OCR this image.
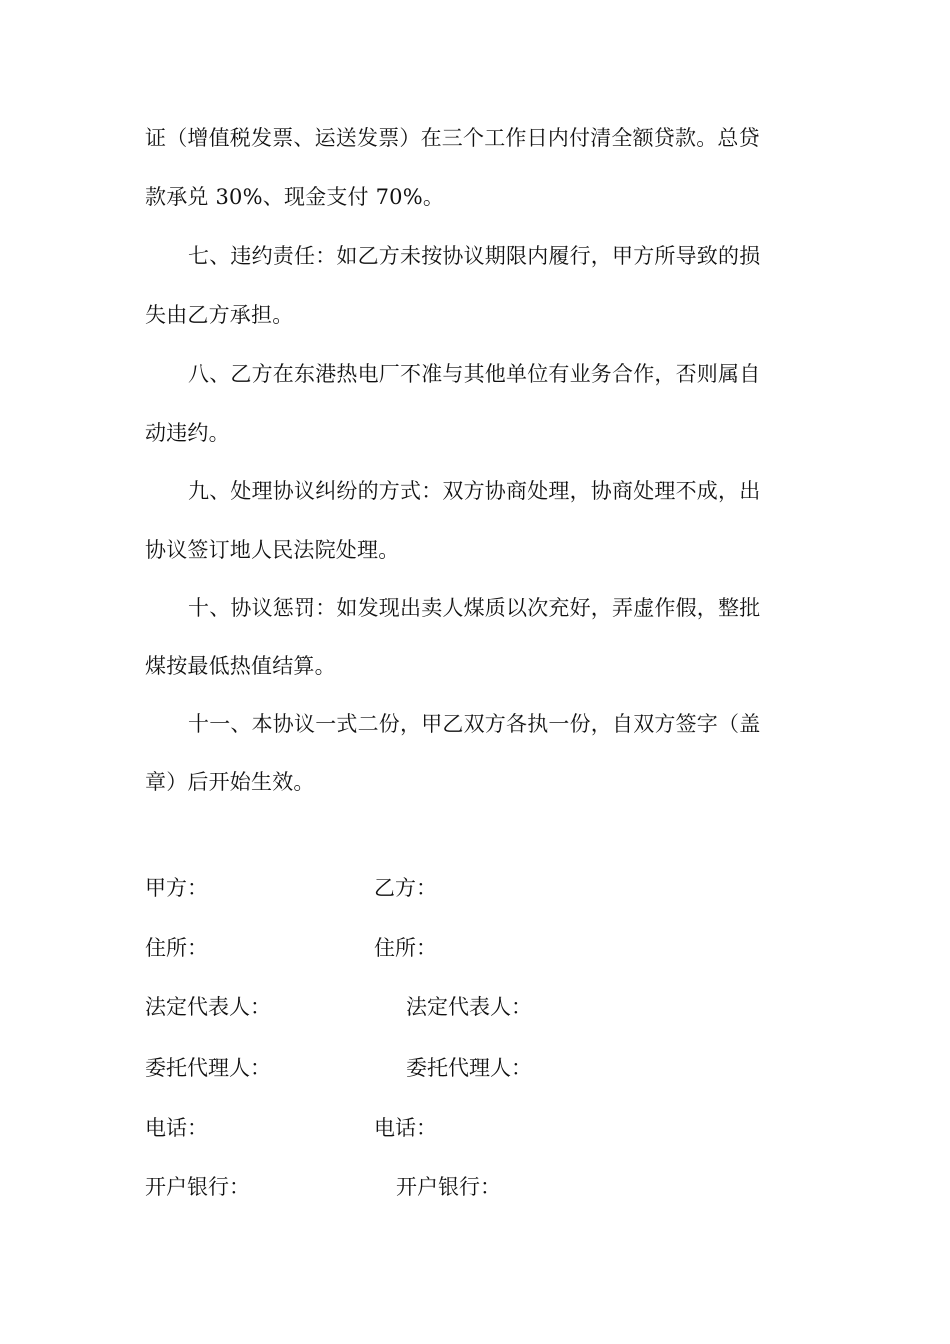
证（增值税发票、运送发票）在三个工作日内付清全额贷款。总贷
款承兑 30%、现金支付 70%。
七、违约责任：如乙方未按协议期限内履行，甲方所导致的损
失由乙方承担。
八、乙方在东港热电厂不准与其他单位有业务合作，否则属自
动违约。
九、处理协议纠纷的方式：双方协商处理，协商处理不成，出
协议签订地人民法院处理。
十、协议惩罚：如发现出卖人煤质以次充好，弄虚作假，整批
煤按最低热值结算。
十一、本协议一式二份，甲乙双方各执一份，自双方签字（盖
章）后开始生效。
甲方：	乙方：
住所：	住所：
法定代表人：	法定代表人：
委托代理人：	委托代理人：
电话：	电话：
开户银行：	开户银行：
